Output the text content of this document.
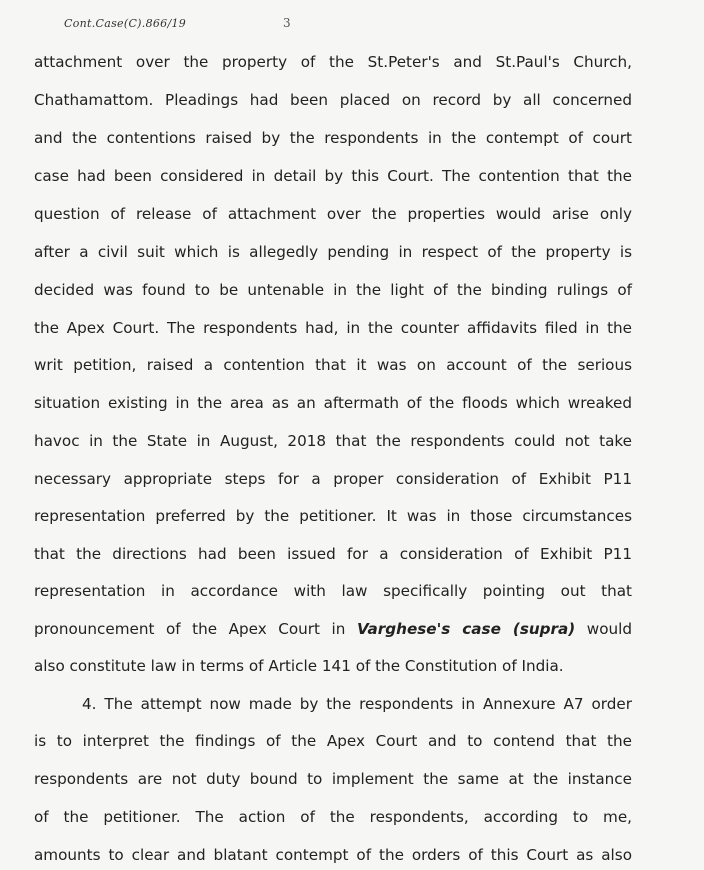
Cont.Case(C).866/19	3
attachment over the property of the St.Peter's and St.Paul's Church,
Chathamattom. Pleadings had been placed on record by all concerned
and the contentions raised by the respondents in the contempt of court
case had been considered in detail by this Court. The contention that the
question of release of attachment over the properties would arise only
after a civil suit which is allegedly pending in respect of the property is
decided was found to be untenable in the light of the binding rulings of
the Apex Court. The respondents had, in the counter affidavits filed in the
writ petition, raised a contention that it was on account of the serious
situation existing in the area as an aftermath of the floods which wreaked
havoc in the State in August, 2018 that the respondents could not take
necessary appropriate steps for a proper consideration of Exhibit P11
representation preferred by the petitioner. It was in those circumstances
that the directions had been issued for a consideration of Exhibit P11
representation in accordance with law specifically pointing out that
pronouncement of the Apex Court in Varghese's case (supra) would
also constitute law in terms of Article 141 of the Constitution of India.
4. The attempt now made by the respondents in Annexure A7 order
is to interpret the findings of the Apex Court and to contend that the
respondents are not duty bound to implement the same at the instance
of the petitioner. The action of the respondents, according to me,
amounts to clear and blatant contempt of the orders of this Court as also
